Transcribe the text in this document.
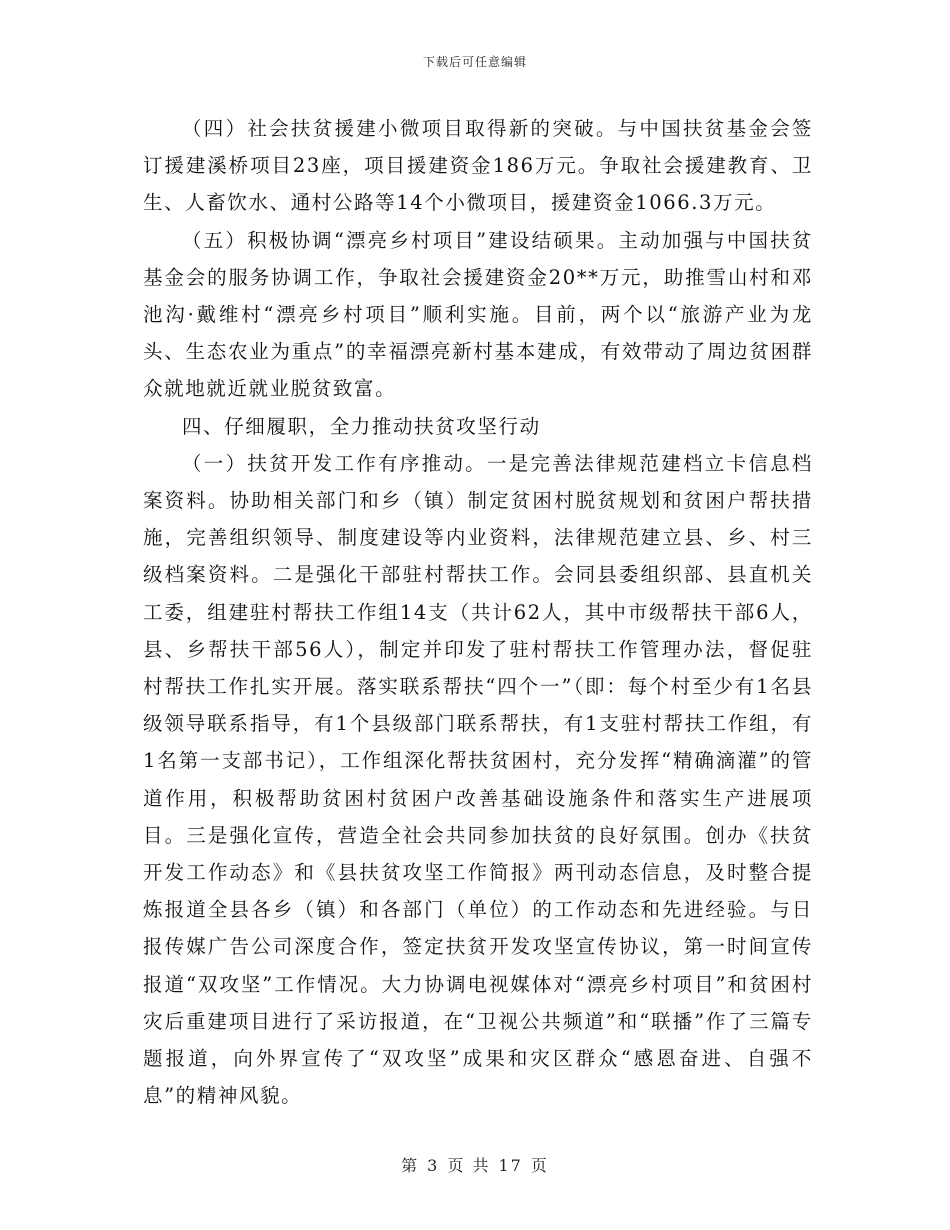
下载后可任意编辑

（四）社会扶贫援建小微项目取得新的突破。与中国扶贫基金会签订援建溪桥项目23座，项目援建资金186万元。争取社会援建教育、卫生、人畜饮水、通村公路等14个小微项目，援建资金1066.3万元。

（五）积极协调“漂亮乡村项目”建设结硕果。主动加强与中国扶贫基金会的服务协调工作，争取社会援建资金20**万元，助推雪山村和邓池沟·戴维村“漂亮乡村项目”顺利实施。目前，两个以“旅游产业为龙头、生态农业为重点”的幸福漂亮新村基本建成，有效带动了周边贫困群众就地就近就业脱贫致富。

四、仔细履职，全力推动扶贫攻坚行动

（一）扶贫开发工作有序推动。一是完善法律规范建档立卡信息档案资料。协助相关部门和乡（镇）制定贫困村脱贫规划和贫困户帮扶措施，完善组织领导、制度建设等内业资料，法律规范建立县、乡、村三级档案资料。二是强化干部驻村帮扶工作。会同县委组织部、县直机关工委，组建驻村帮扶工作组14支（共计62人，其中市级帮扶干部6人，县、乡帮扶干部56人），制定并印发了驻村帮扶工作管理办法，督促驻村帮扶工作扎实开展。落实联系帮扶“四个一”（即：每个村至少有1名县级领导联系指导，有1个县级部门联系帮扶，有1支驻村帮扶工作组，有1名第一支部书记），工作组深化帮扶贫困村，充分发挥“精确滴灌”的管道作用，积极帮助贫困村贫困户改善基础设施条件和落实生产进展项目。三是强化宣传，营造全社会共同参加扶贫的良好氛围。创办《扶贫开发工作动态》和《县扶贫攻坚工作简报》两刊动态信息，及时整合提炼报道全县各乡（镇）和各部门（单位）的工作动态和先进经验。与日报传媒广告公司深度合作，签定扶贫开发攻坚宣传协议，第一时间宣传报道“双攻坚”工作情况。大力协调电视媒体对“漂亮乡村项目”和贫困村灾后重建项目进行了采访报道，在“卫视公共频道”和“联播”作了三篇专题报道，向外界宣传了“双攻坚”成果和灾区群众“感恩奋进、自强不息”的精神风貌。

第 3 页 共 17 页
